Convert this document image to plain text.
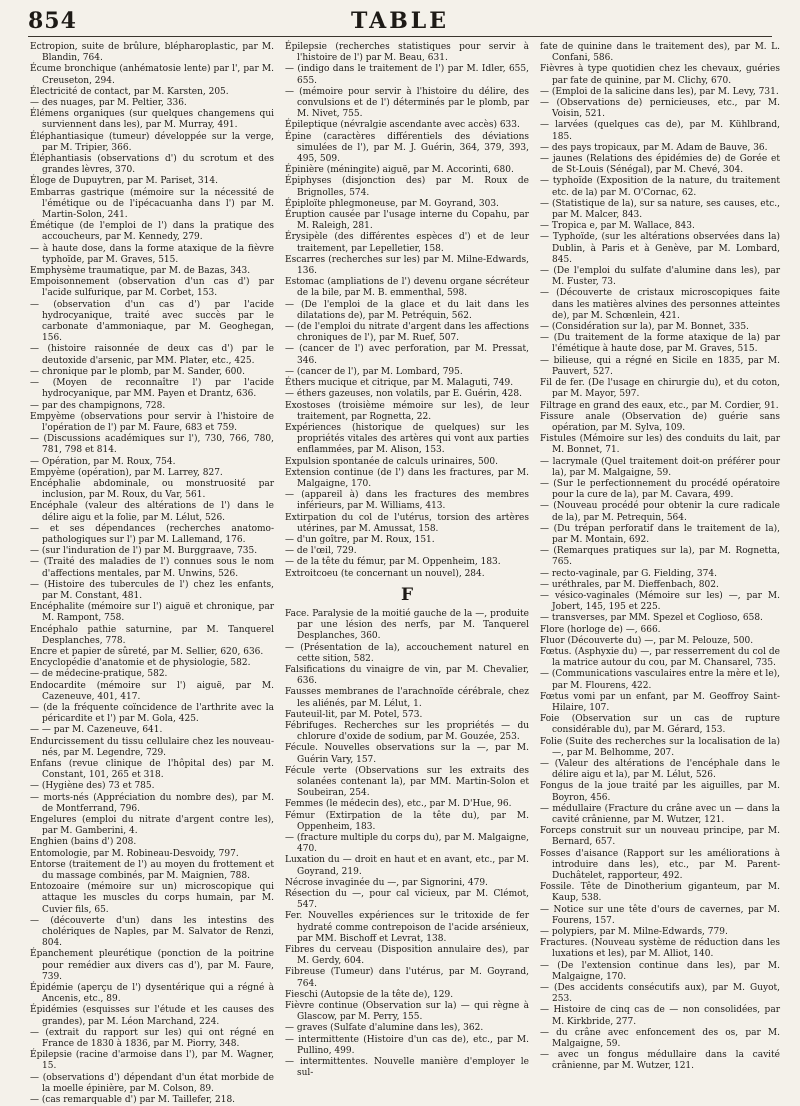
854	TABLE

Ectropion, suite de brûlure, blépharoplastic, par M. Blandin, 764.

Écume bronchique (anhématosie lente) par l', par M. Creuseton, 294.

Électricité de contact, par M. Karsten, 205.

— des nuages, par M. Peltier, 336.

Élémens organiques (sur quelques changemens qui surviennent dans les), par M. Murray, 491.

Éléphantiasique (tumeur) développée sur la verge, par M. Tripier, 366.

Éléphantiasis (observations d') du scrotum et des grandes lèvres, 370.

Éloge de Dupuytren, par M. Pariset, 314.

Embarras gastrique (mémoire sur la nécessité de l'émétique ou de l'ipécacuanha dans l') par M. Martin-Solon, 241.

Émétique (de l'emploi de l') dans la pratique des accoucheurs, par M. Kennedy, 279.

— à haute dose, dans la forme ataxique de la fièvre typhoïde, par M. Graves, 515.

Emphysème traumatique, par M. de Bazas, 343.

Empoisonnement (observation d'un cas d') par l'acide sulfurique, par M. Corbet, 153.

— (observation d'un cas d') par l'acide hydrocyanique, traité avec succès par le carbonate d'ammoniaque, par M. Geoghegan, 156.

— (histoire raisonnée de deux cas d') par le deutoxide d'arsenic, par MM. Plater, etc., 425.

— chronique par le plomb, par M. Sander, 600.

— (Moyen de reconnaître l') par l'acide hydrocyanique, par MM. Payen et Drantz, 636.

— par des champignons, 728.

Empyème (observations pour servir à l'histoire de l'opération de l') par M. Faure, 683 et 759.

— (Discussions académiques sur l'), 730, 766, 780, 781, 798 et 814.

— Opération, par M. Roux, 754.

Empyème (opération), par M. Larrey, 827.

Encéphalie abdominale, ou monstruosité par inclusion, par M. Roux, du Var, 561.

Encéphale (valeur des altérations de l') dans le délire aigu et la folie, par M. Lélut, 526.

— et ses dépendances (recherches anatomo-pathologiques sur l') par M. Lallemand, 176.

— (sur l'induration de l') par M. Burggraave, 735.

— (Traité des maladies de l') connues sous le nom d'affections mentales, par M. Unwins, 526.

— (Histoire des tubercules de l') chez les enfants, par M. Constant, 481.

Encéphalite (mémoire sur l') aiguë et chronique, par M. Rampont, 758.

Encéphalo pathie saturnine, par M. Tanquerel Desplanches, 778.

Encre et papier de sûreté, par M. Sellier, 620, 636.

Encyclopédie d'anatomie et de physiologie, 582.

— de médecine-pratique, 582.

Endocardite (mémoire sur l') aiguë, par M. Cazeneuve, 401, 417.

— (de la fréquente coïncidence de l'arthrite avec la péricardite et l') par M. Gola, 425.

— — par M. Cazeneuve, 641.

Endurcissement du tissu cellulaire chez les nouveau-nés, par M. Legendre, 729.

Enfans (revue clinique de l'hôpital des) par M. Constant, 101, 265 et 318.

— (Hygiène des) 73 et 785.

— morts-nés (Appréciation du nombre des), par M. de Montferrand, 796.

Engelures (emploi du nitrate d'argent contre les), par M. Gamberini, 4.

Enghien (bains d') 208.

Entomologie, par M. Robineau-Desvoidy, 797.

Entorse (traitement de l') au moyen du frottement et du massage combinés, par M. Maignien, 788.

Entozoaire (mémoire sur un) microscopique qui attaque les muscles du corps humain, par M. Cuvier fils, 65.

— (découverte d'un) dans les intestins des cholériques de Naples, par M. Salvator de Renzi, 804.

Épanchement pleurétique (ponction de la poitrine pour remédier aux divers cas d'), par M. Faure, 739.

Épidémie (aperçu de l') dysentérique qui a régné à Ancenis, etc., 89.

Épidémies (esquisses sur l'étude et les causes des grandes), par M. Léon Marchand, 224.

— (extrait du rapport sur les) qui ont régné en France de 1830 à 1836, par M. Piorry, 348.

Épilepsie (racine d'armoise dans l'), par M. Wagner, 15.

— (observations d') dépendant d'un état morbide de la moelle épinière, par M. Colson, 89.

— (cas remarquable d') par M. Taillefer, 218.

Épilepsie (recherches statistiques pour servir à l'histoire de l') par M. Beau, 631.

— (indigo dans le traitement de l') par M. Idler, 655, 655.

— (mémoire pour servir à l'histoire du délire, des convulsions et de l') déterminés par le plomb, par M. Nivet, 755.

Épileptique (névralgie ascendante avec accès) 633.

Épine (caractères différentiels des déviations simulées de l'), par M. J. Guérin, 364, 379, 393, 495, 509.

Épinière (méningite) aiguë, par M. Accorinti, 680.

Épiphyses (disjonction des) par M. Roux de Brignolles, 574.

Épiploïte phlegmoneuse, par M. Goyrand, 303.

Éruption causée par l'usage interne du Copahu, par M. Raleigh, 281.

Érysipèle (des différentes espèces d') et de leur traitement, par Lepelletier, 158.

Escarres (recherches sur les) par M. Milne-Edwards, 136.

Estomac (ampliations de l') devenu organe sécréteur de la bile, par M. B. emmenthal, 598.

— (De l'emploi de la glace et du lait dans les dilatations de), par M. Petréquin, 562.

— (de l'emploi du nitrate d'argent dans les affections chroniques de l'), par M. Ruef, 507.

— (cancer de l') avec perforation, par M. Pressat, 346.

— (cancer de l'), par M. Lombard, 795.

Éthers mucique et citrique, par M. Malaguti, 749.

— éthers gazeuses, non volatils, par E. Guérin, 428.

Exostoses (troisième mémoire sur les), de leur traitement, par Rognetta, 22.

Expériences (historique de quelques) sur les propriétés vitales des artères qui vont aux parties enflammées, par M. Alison, 153.

Expulsion spontanée de calculs urinaires, 500.

Extension continue (de l') dans les fractures, par M. Malgaigne, 170.

— (appareil à) dans les fractures des membres inférieurs, par M. Williams, 413.

Extirpation du col de l'utérus, torsion des artères utérines, par M. Amussat, 158.

— d'un goître, par M. Roux, 151.

— de l'œil, 729.

— de la tête du fémur, par M. Oppenheim, 183.

Extroitcoeu (te concernant un nouvel), 284.

F

Face. Paralysie de la moitié gauche de la —, produite par une lésion des nerfs, par M. Tanquerel Desplanches, 360.

— (Présentation de la), accouchement naturel en cette sition, 582.

Falsifications du vinaigre de vin, par M. Chevalier, 636.

Fausses membranes de l'arachnoïde cérébrale, chez les aliénés, par M. Lélut, 1.

Fauteuil-lit, par M. Potel, 573.

Fébrifuges. Recherches sur les propriétés — du chlorure d'oxide de sodium, par M. Gouzée, 253.

Fécule. Nouvelles observations sur la —, par M. Guérin Vary, 157.

Fécule verte (Observations sur les extraits des solanées contenant la), par MM. Martin-Solon et Soubeiran, 254.

Femmes (le médecin des), etc., par M. D'Hue, 96.

Fémur (Extirpation de la tête du), par M. Oppenheim, 183.

— (fracture multiple du corps du), par M. Malgaigne, 470.

Luxation du — droit en haut et en avant, etc., par M. Goyrand, 219.

Nécrose invaginée du —, par Signorini, 479.

Résection du —, pour cal vicieux, par M. Clémot, 547.

Fer. Nouvelles expériences sur le tritoxide de fer hydraté comme contrepoison de l'acide arsénieux, par MM. Bischoff et Levrat, 138.

Fibres du cerveau (Disposition annulaire des), par M. Gerdy, 604.

Fibreuse (Tumeur) dans l'utérus, par M. Goyrand, 764.

Fieschi (Autopsie de la tête de), 129.

Fièvre continue (Observation sur la) — qui règne à Glascow, par M. Perry, 155.

— graves (Sulfate d'alumine dans les), 362.

— intermittente (Histoire d'un cas de), etc., par M. Pullino, 499.

— intermittentes. Nouvelle manière d'employer le sul-

fate de quinine dans le traitement des), par M. L. Confani, 586.

Fièvres à type quotidien chez les chevaux, guéries par fate de quinine, par M. Clichy, 670.

— (Emploi de la salicine dans les), par M. Levy, 731.

— (Observations de) pernicieuses, etc., par M. Voisin, 521.

— larvées (quelques cas de), par M. Kühlbrand, 185.

— des pays tropicaux, par M. Adam de Bauve, 36.

— jaunes (Relations des épidémies de) de Gorée et de St-Louis (Sénégal), par M. Chevé, 304.

— typhoïde (Exposition de la nature, du traitement etc. de la) par M. O'Cornac, 62.

— (Statistique de la), sur sa nature, ses causes, etc., par M. Malcer, 843.

— Tropica e, par M. Wallace, 843.

— Typhoïde, (sur les altérations observées dans la) Dublin, à Paris et à Genève, par M. Lombard, 845.

— (De l'emploi du sulfate d'alumine dans les), par M. Fuster, 73.

— (Découverte de cristaux microscopiques faite dans les matières alvines des personnes atteintes de), par M. Schœnlein, 421.

— (Considération sur la), par M. Bonnet, 335.

— (Du traitement de la forme ataxique de la) par l'émétique à haute dose, par M. Graves, 515.

— bilieuse, qui a régné en Sicile en 1835, par M. Pauvert, 527.

Fil de fer. (De l'usage en chirurgie du), et du coton, par M. Mayor, 597.

Filtrage en grand des eaux, etc., par M. Cordier, 91.

Fissure anale (Observation de) guérie sans opération, par M. Sylva, 109.

Fistules (Mémoire sur les) des conduits du lait, par M. Bonnet, 71.

— lacrymale (Quel traitement doit-on préférer pour la), par M. Malgaigne, 59.

— (Sur le perfectionnement du procédé opératoire pour la cure de la), par M. Cavara, 499.

— (Nouveau procédé pour obtenir la cure radicale de la), par M. Petrequin, 564.

— (Du trépan perforatif dans le traitement de la), par M. Montain, 692.

— (Remarques pratiques sur la), par M. Rognetta, 765.

— recto-vaginale, par G. Fielding, 374.

— uréthrales, par M. Dieffenbach, 802.

— vésico-vaginales (Mémoire sur les) —, par M. Jobert, 145, 195 et 225.

— transverses, par MM. Spezel et Coglioso, 658.

Flore (horloge de) —, 666.

Fluor (Découverte du) —, par M. Pelouze, 500.

Fœtus. (Asphyxie du) —, par resserrement du col de la matrice autour du cou, par M. Chansarel, 735.

— (Communications vasculaires entre la mère et le), par M. Flourens, 422.

Fœtus vomi par un enfant, par M. Geoffroy Saint-Hilaire, 107.

Foie (Observation sur un cas de rupture considérable du), par M. Gérard, 153.

Folie (Suite des recherches sur la localisation de la) —, par M. Belhomme, 207.

— (Valeur des altérations de l'encéphale dans le délire aigu et la), par M. Lélut, 526.

Fongus de la joue traité par les aiguilles, par M. Boyron, 456.

— médullaire (Fracture du crâne avec un — dans la cavité crânienne, par M. Wutzer, 121.

Forceps construit sur un nouveau principe, par M. Bernard, 657.

Fosses d'aisance (Rapport sur les améliorations à introduire dans les), etc., par M. Parent-Duchâtelet, rapporteur, 492.

Fossile. Tête de Dinotherium giganteum, par M. Kaup, 538.

— Notice sur une tête d'ours de cavernes, par M. Fourens, 157.

— polypiers, par M. Milne-Edwards, 779.

Fractures. (Nouveau système de réduction dans les luxations et les), par M. Alliot, 140.

— (De l'extension continue dans les), par M. Malgaigne, 170.

— (Des accidents consécutifs aux), par M. Guyot, 253.

— Histoire de cinq cas de — non consolidées, par M. Kirkbride, 277.

— du crâne avec enfoncement des os, par M. Malgaigne, 59.

— avec un fongus médullaire dans la cavité crânienne, par M. Wutzer, 121.
